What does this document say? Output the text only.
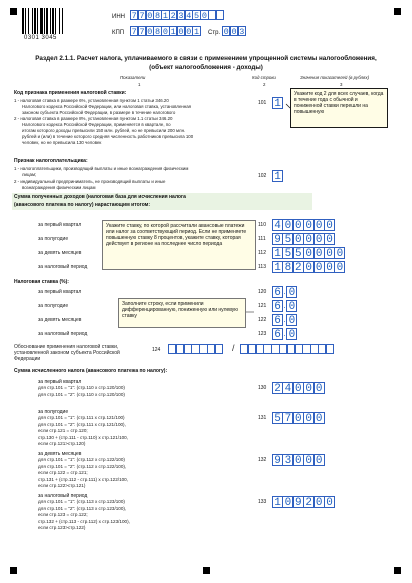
0301 3045
ИНН 7 7 0 8 1 2 3 4 5 0
КПП 7 7 0 8 0 1 0 0 1 Стр. 0 0 3
Раздел 2.1.1. Расчет налога, уплачиваемого в связи с применением упрощенной системы налогообложения,
(объект налогообложения - доходы)
Показатели	Код строки	Значения показателей (в рублях)
1	2	3
Код признака применения налоговой ставки:
1 - налоговая ставка в размере 6%, установленная пунктом 1 статьи 346.20
Налогового кодекса Российской Федерации, или налоговая ставка, установленная
законом субъекта Российской Федерации, в размере в течение налогового
2 - налоговая ставка в размере 8%, установленная пунктом 1.1 статьи 346.20
Налогового кодекса Российской Федерации, применяется в квартале, по
итогам которого доходы превысили 150 млн. рублей, но не превысили 200 млн.
рублей и (или) в течение которого средняя численность работников превысила 100
человек, но не превысила 130 человек
101 1
Укажите код 2 для всех случаев, когда в течение года с обычной и пониженной ставки перешли на повышенную
Признак налогоплательщика:
1 - налогоплательщики, производящий выплаты и иные вознаграждения физическим
лицам;
2 - индивидуальный предприниматель, не производящий выплаты и иные
вознаграждения физическим лицам
102 1
Сумма полученных доходов (налоговая база для исчисления налога
(авансового платежа по налогу) нарастающим итогом:
Укажите ставку, по которой рассчитали авансовые платежи или налог за соответствующий период. Если не применяете повышенную ставку 8 процентов, укажите ставку, которая действует в регионе на последнее число периода
Налоговая ставка (%):
Заполните строку, если применили дифференцированную, пониженную или нулевую ставку
Обоснование применения налоговой ставки,
установленной законом субъекта Российской
Федерации
124	/
Сумма исчисленного налога (авансового платежа по налогу):
за первый квартал	110 4 0 0 0 0 0
за полугодие	111 9 5 0 0 0 0
за девять месяцев	112 1 5 5 0 0 0 0
за налоговый период	113 1 8 2 0 0 0 0
за первый квартал	120 6 . 0
за полугодие	121 6 . 0
за девять месяцев	122 6 . 0
за налоговый период	123 6 . 0
за первый квартал
для стр.101 = "1": (стр.110 х стр.120/100)
для стр.101 = "2": (стр.110 х стр.120/100)
130 2 4 0 0 0
за полугодие
для стр.101 = "1": (стр.111 х стр.121/100)
для стр.101 = "2": (стр.111 х стр.121/100),
если стр.121 = стр.120;
стр.130 + (стр.111 - стр.110) х стр.121/100,
если стр.121>стр.120)
131 5 7 0 0 0
за девять месяцев
для стр.101 = "1": (стр.112 х стр.122/100)
для стр.101 = "2": (стр.112 х стр.122/100),
если стр.122 = стр.121;
стр.131 + (стр.112 - стр.111) х стр.122/100,
если стр.122>стр.121)
132 9 3 0 0 0
за налоговый период
для стр.101 = "1": (стр.113 х стр.123/100)
для стр.101 = "2": (стр.113 х стр.123/100),
если стр.123 = стр.122;
стр.132 + (стр.113 - стр.112) х стр.123/100),
если стр.123>стр.122)
133 1 0 9 2 0 0
